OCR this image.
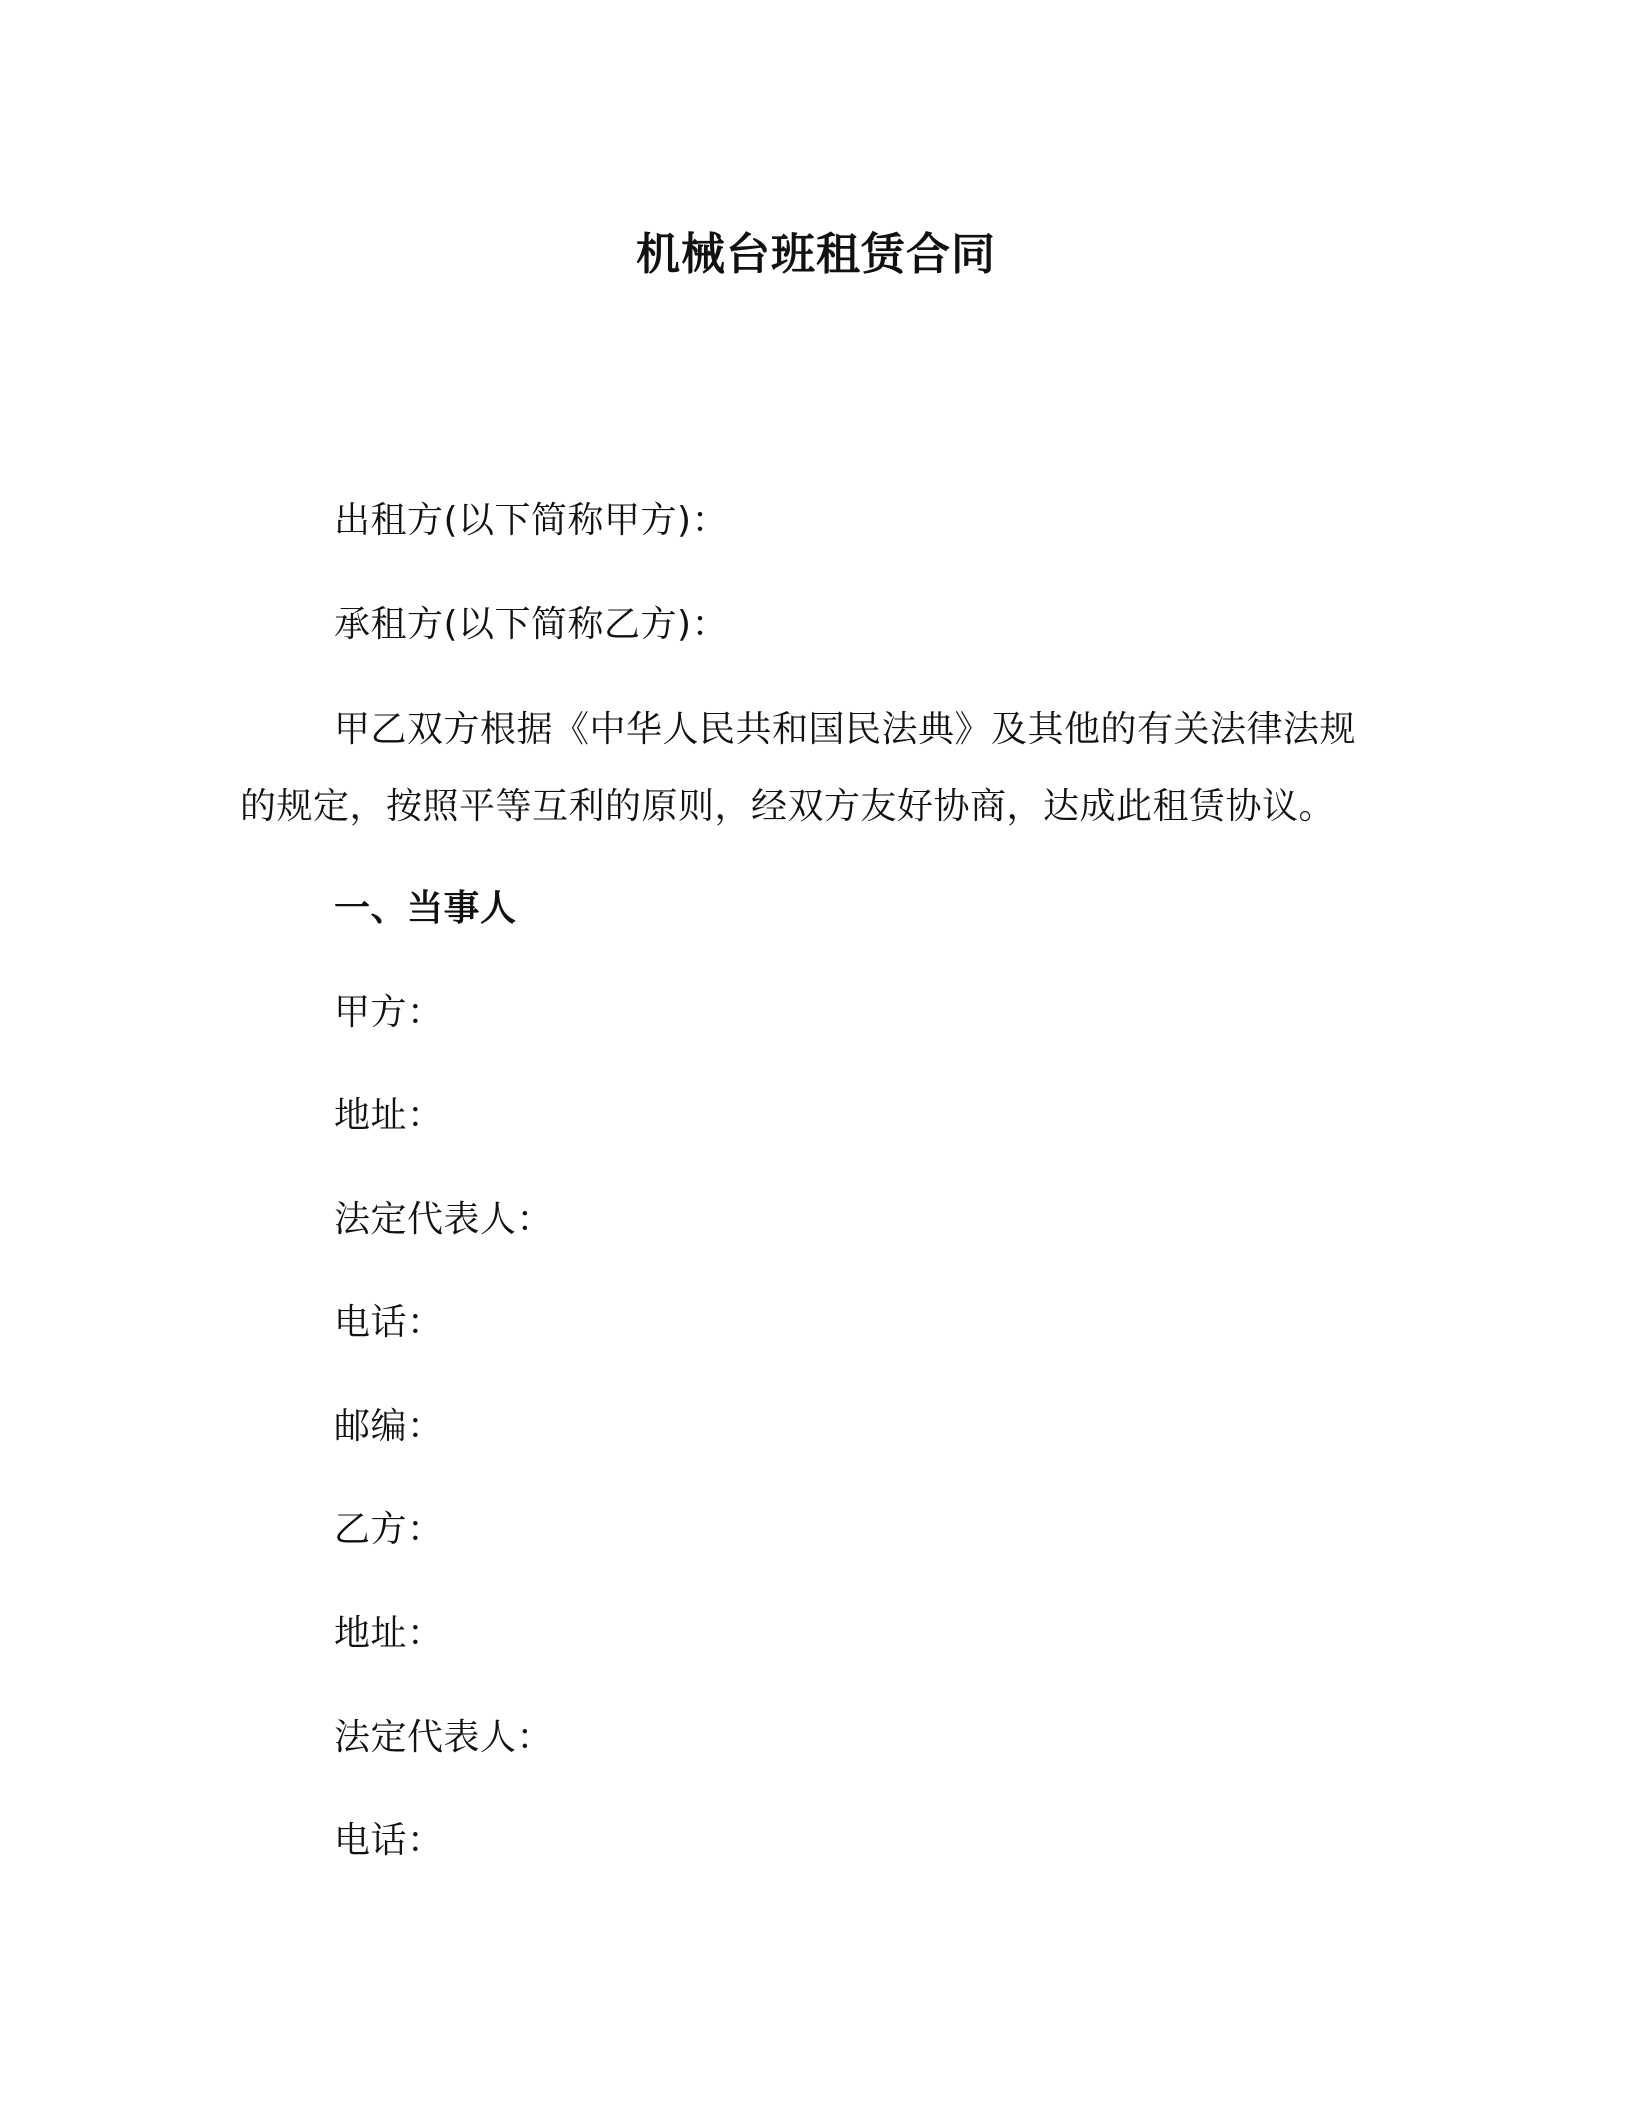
机械台班租赁合同
出租方(以下简称甲方)：
承租方(以下简称乙方)：
甲乙双方根据《中华人民共和国民法典》及其他的有关法律法规
的规定，按照平等互利的原则，经双方友好协商，达成此租赁协议。
一、当事人
甲方：
地址：
法定代表人：
电话：
邮编：
乙方：
地址：
法定代表人：
电话：
